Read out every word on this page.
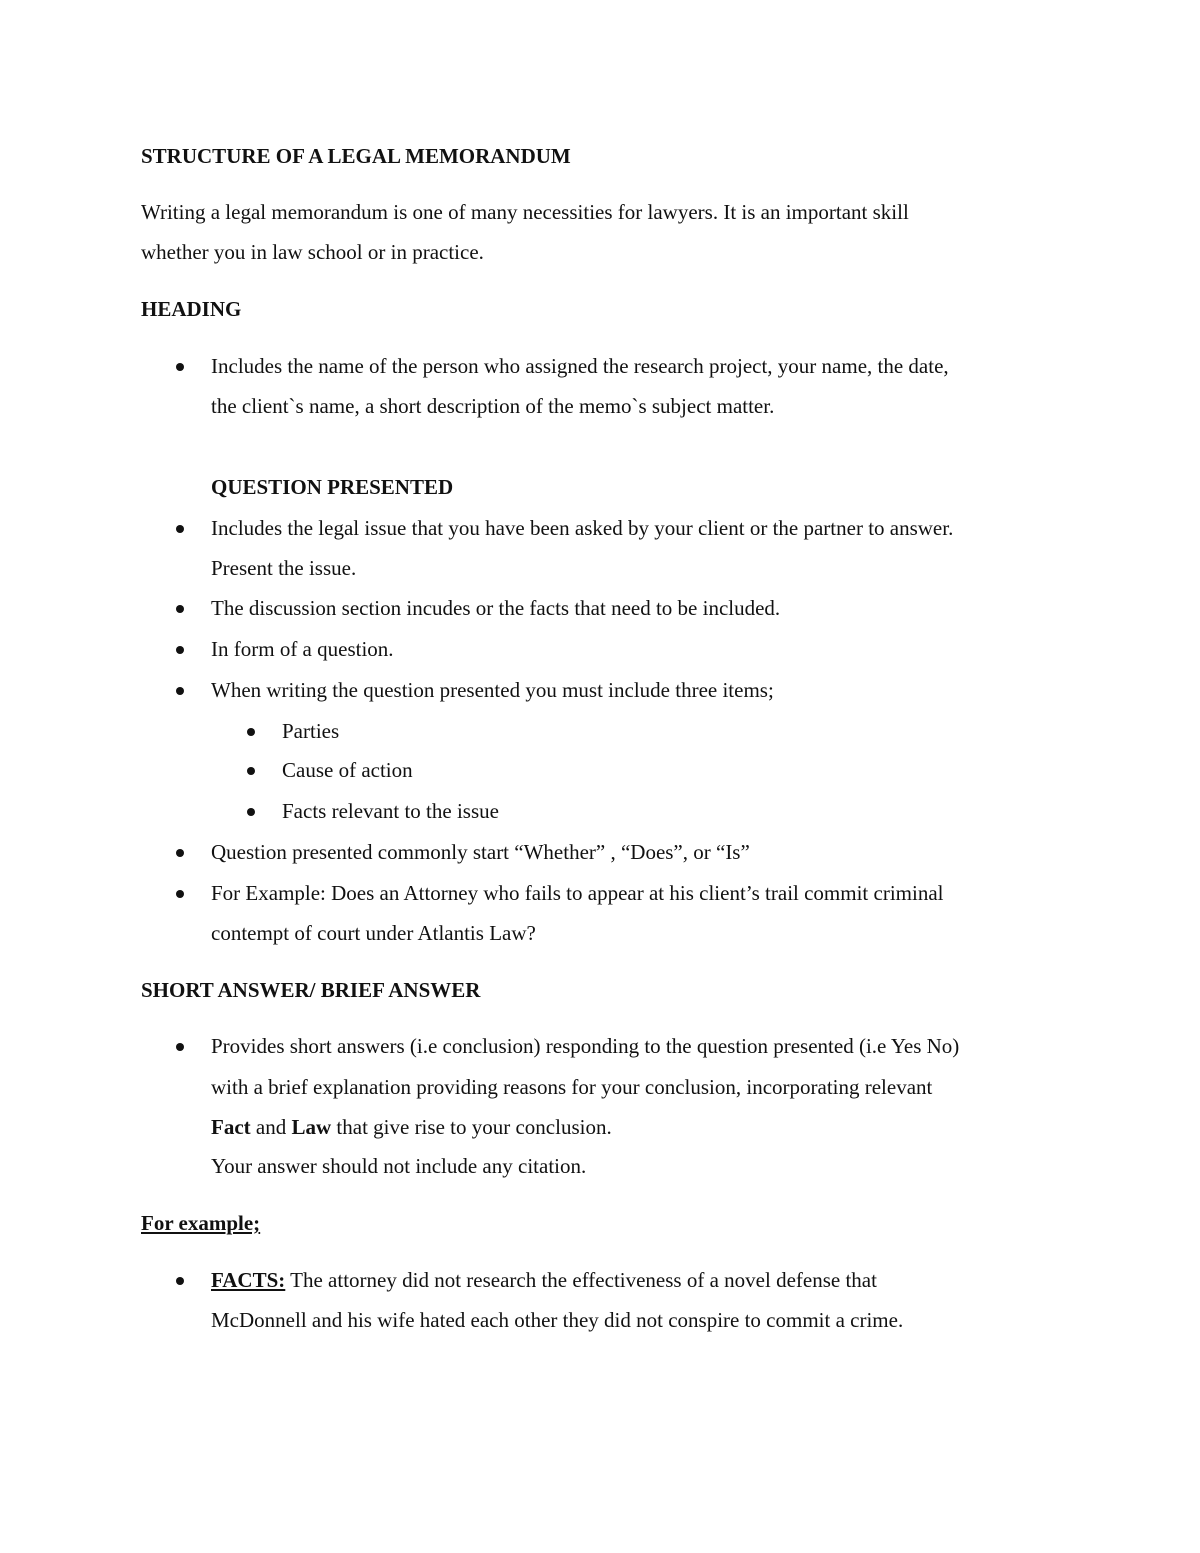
STRUCTURE OF A LEGAL MEMORANDUM
Writing a legal memorandum is one of many necessities for lawyers. It is an important skill
whether you in law school or in practice.
HEADING
Includes the name of the person who assigned the research project, your name, the date,
the client`s name, a short description of the memo`s subject matter.
QUESTION PRESENTED
Includes the legal issue that you have been asked by your client or the partner to answer.
Present the issue.
The discussion section incudes or the facts that need to be included.
In form of a question.
When writing the question presented you must include three items;
Parties
Cause of action
Facts relevant to the issue
Question presented commonly start “Whether” , “Does”, or “Is”
For Example: Does an Attorney who fails to appear at his client’s trail commit criminal
contempt of court under Atlantis Law?
SHORT ANSWER/ BRIEF ANSWER
Provides short answers (i.e conclusion) responding to the question presented (i.e Yes No)
with a brief explanation providing reasons for your conclusion, incorporating relevant
Fact and Law that give rise to your conclusion.
Your answer should not include any citation.
For example;
FACTS: The attorney did not research the effectiveness of a novel defense that
McDonnell and his wife hated each other they did not conspire to commit a crime.
